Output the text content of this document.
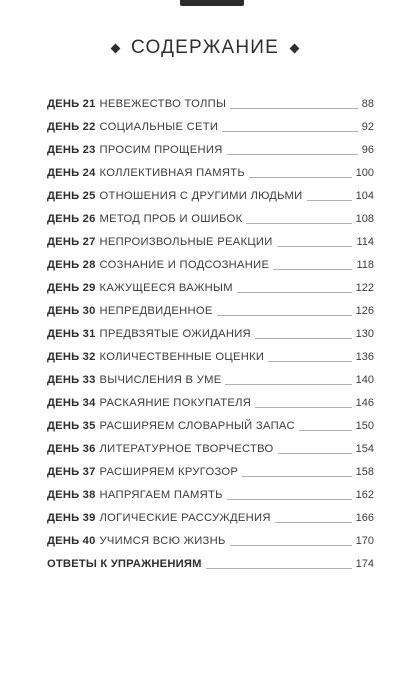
СОДЕРЖАНИЕ
ДЕНЬ 21 НЕВЕЖЕСТВО ТОЛПЫ	88
ДЕНЬ 22 СОЦИАЛЬНЫЕ СЕТИ	92
ДЕНЬ 23 ПРОСИМ ПРОЩЕНИЯ	96
ДЕНЬ 24 КОЛЛЕКТИВНАЯ ПАМЯТЬ	100
ДЕНЬ 25 ОТНОШЕНИЯ С ДРУГИМИ ЛЮДЬМИ	104
ДЕНЬ 26 МЕТОД ПРОБ И ОШИБОК	108
ДЕНЬ 27 НЕПРОИЗВОЛЬНЫЕ РЕАКЦИИ	114
ДЕНЬ 28 СОЗНАНИЕ И ПОДСОЗНАНИЕ	118
ДЕНЬ 29 КАЖУЩЕЕСЯ ВАЖНЫМ	122
ДЕНЬ 30 НЕПРЕДВИДЕННОЕ	126
ДЕНЬ 31 ПРЕДВЗЯТЫЕ ОЖИДАНИЯ	130
ДЕНЬ 32 КОЛИЧЕСТВЕННЫЕ ОЦЕНКИ	136
ДЕНЬ 33 ВЫЧИСЛЕНИЯ В УМЕ	140
ДЕНЬ 34 РАСКАЯНИЕ ПОКУПАТЕЛЯ	146
ДЕНЬ 35 РАСШИРЯЕМ СЛОВАРНЫЙ ЗАПАС	150
ДЕНЬ 36 ЛИТЕРАТУРНОЕ ТВОРЧЕСТВО	154
ДЕНЬ 37 РАСШИРЯЕМ КРУГОЗОР	158
ДЕНЬ 38 НАПРЯГАЕМ ПАМЯТЬ	162
ДЕНЬ 39 ЛОГИЧЕСКИЕ РАССУЖДЕНИЯ	166
ДЕНЬ 40 УЧИМСЯ ВСЮ ЖИЗНЬ	170
ОТВЕТЫ К УПРАЖНЕНИЯМ	174
